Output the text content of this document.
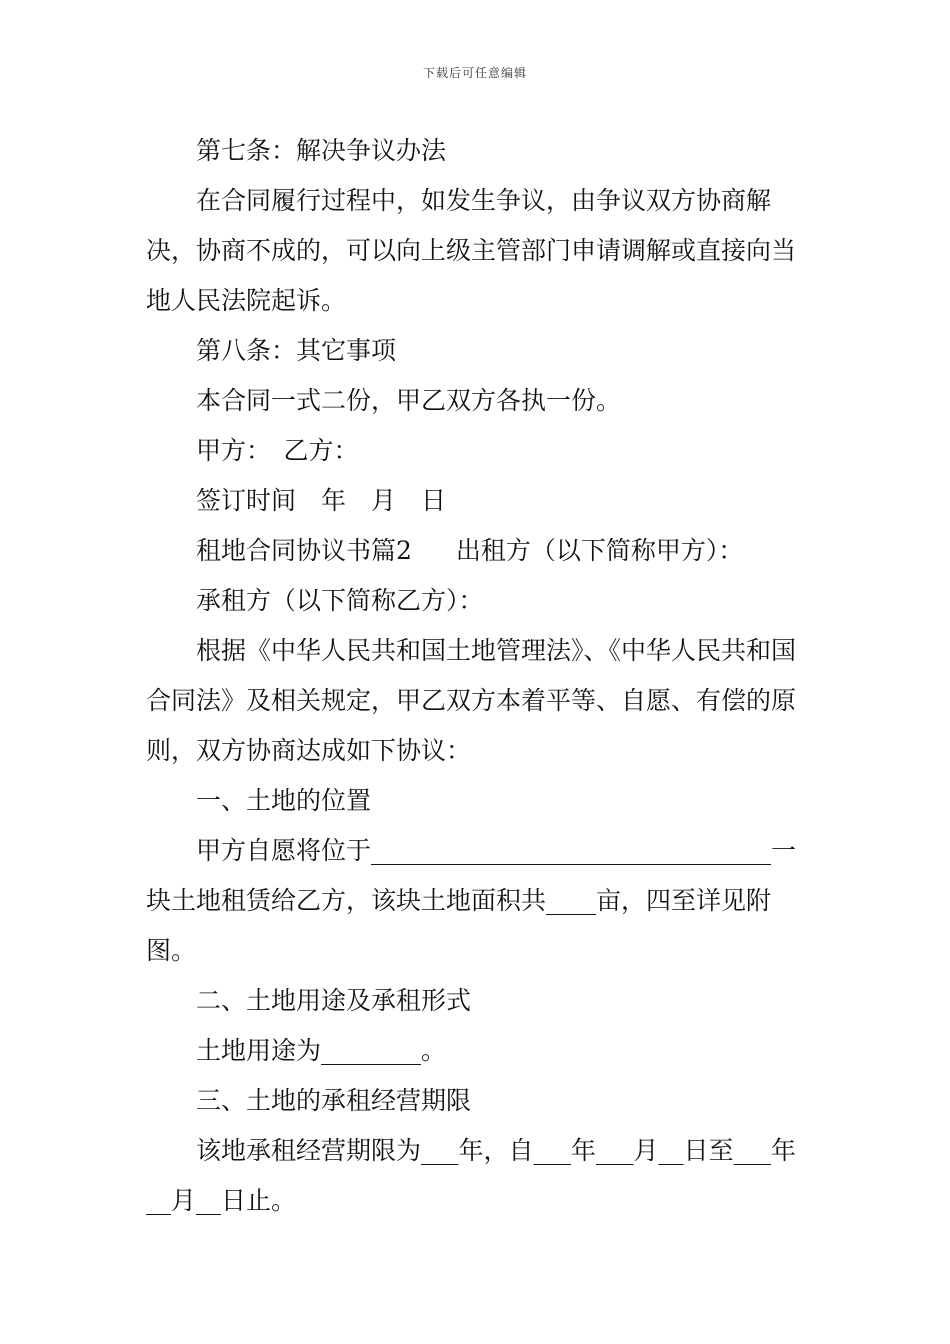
下载后可任意编辑

第七条：解决争议办法

在合同履行过程中，如发生争议，由争议双方协商解决，协商不成的，可以向上级主管部门申请调解或直接向当地人民法院起诉。

第八条：其它事项

本合同一式二份，甲乙双方各执一份。

甲方：　乙方：

签订时间　年　月　日

租地合同协议书篇2 出租方（以下简称甲方）：

承租方（以下简称乙方）：

根据《中华人民共和国土地管理法》、《中华人民共和国合同法》及相关规定，甲乙双方本着平等、自愿、有偿的原则，双方协商达成如下协议：

一、土地的位置

甲方自愿将位于________________________________一块土地租赁给乙方，该块土地面积共____亩，四至详见附图。

二、土地用途及承租形式

土地用途为________。

三、土地的承租经营期限

该地承租经营期限为___年，自___年___月__日至___年__月__日止。
